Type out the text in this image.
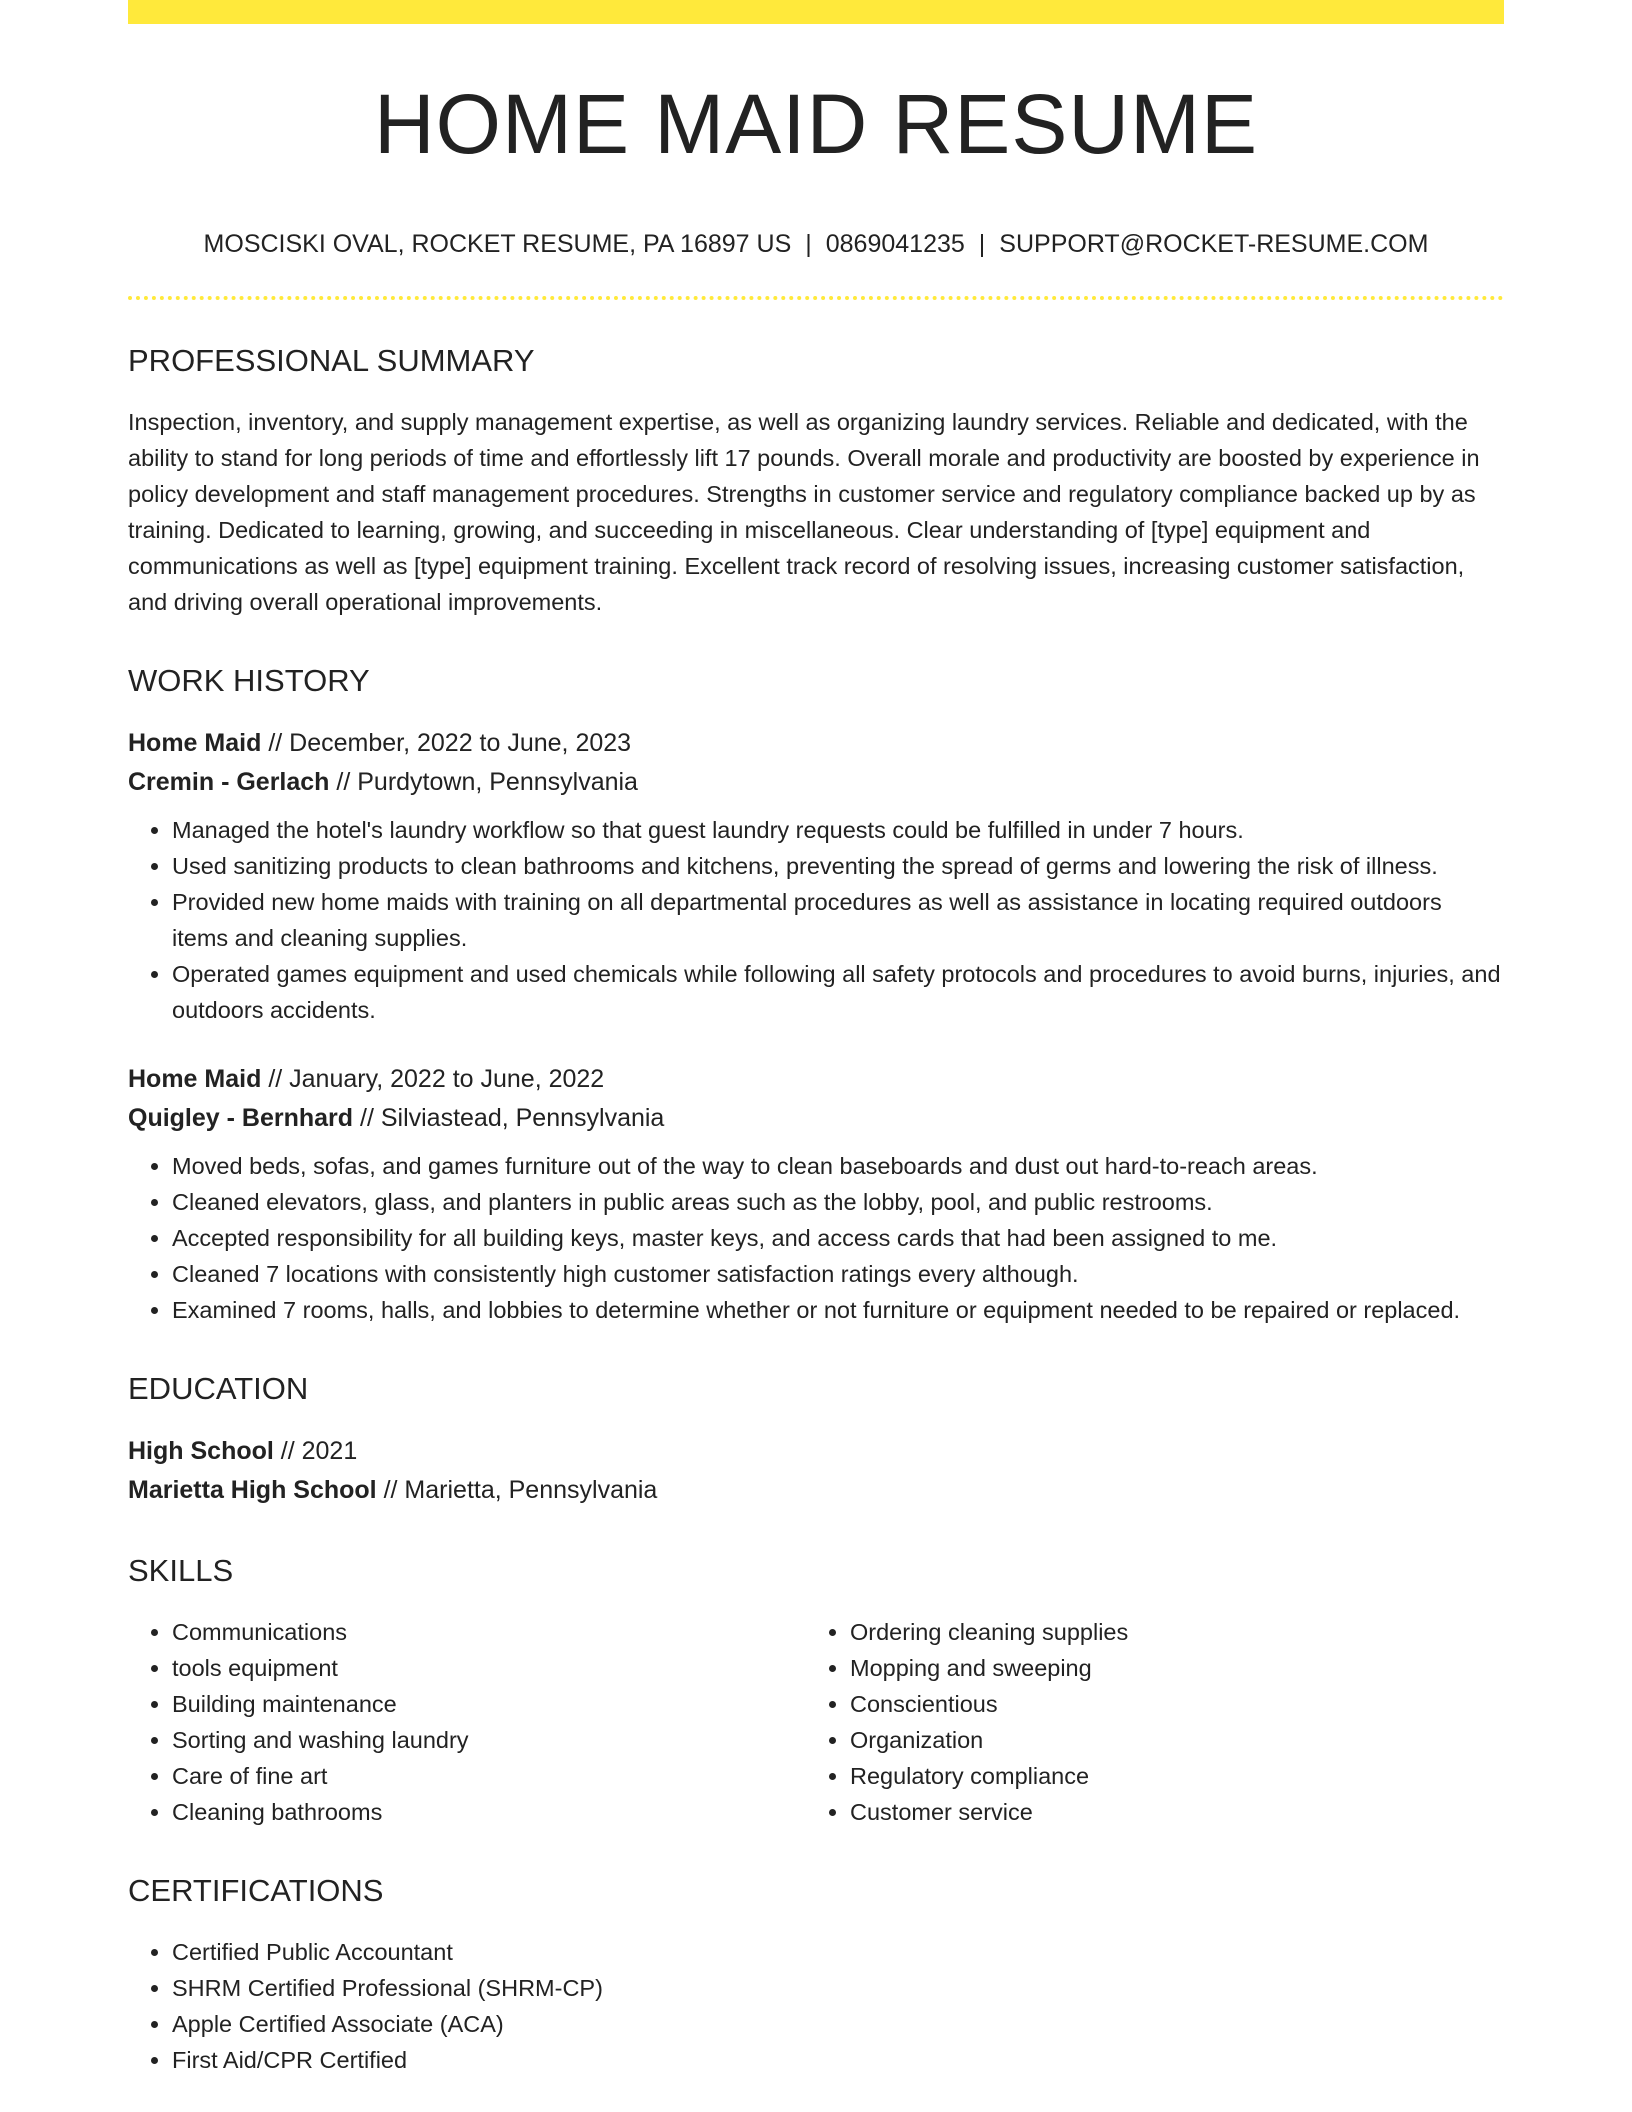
HOME MAID RESUME
MOSCISKI OVAL, ROCKET RESUME, PA 16897 US | 0869041235 | SUPPORT@ROCKET-RESUME.COM
PROFESSIONAL SUMMARY
Inspection, inventory, and supply management expertise, as well as organizing laundry services. Reliable and dedicated, with the ability to stand for long periods of time and effortlessly lift 17 pounds. Overall morale and productivity are boosted by experience in policy development and staff management procedures. Strengths in customer service and regulatory compliance backed up by as training. Dedicated to learning, growing, and succeeding in miscellaneous. Clear understanding of [type] equipment and communications as well as [type] equipment training. Excellent track record of resolving issues, increasing customer satisfaction, and driving overall operational improvements.
WORK HISTORY
Home Maid // December, 2022 to June, 2023
Cremin - Gerlach // Purdytown, Pennsylvania
• Managed the hotel's laundry workflow so that guest laundry requests could be fulfilled in under 7 hours.
• Used sanitizing products to clean bathrooms and kitchens, preventing the spread of germs and lowering the risk of illness.
• Provided new home maids with training on all departmental procedures as well as assistance in locating required outdoors items and cleaning supplies.
• Operated games equipment and used chemicals while following all safety protocols and procedures to avoid burns, injuries, and outdoors accidents.
Home Maid // January, 2022 to June, 2022
Quigley - Bernhard // Silviastead, Pennsylvania
• Moved beds, sofas, and games furniture out of the way to clean baseboards and dust out hard-to-reach areas.
• Cleaned elevators, glass, and planters in public areas such as the lobby, pool, and public restrooms.
• Accepted responsibility for all building keys, master keys, and access cards that had been assigned to me.
• Cleaned 7 locations with consistently high customer satisfaction ratings every although.
• Examined 7 rooms, halls, and lobbies to determine whether or not furniture or equipment needed to be repaired or replaced.
EDUCATION
High School // 2021
Marietta High School // Marietta, Pennsylvania
SKILLS
• Communications
• tools equipment
• Building maintenance
• Sorting and washing laundry
• Care of fine art
• Cleaning bathrooms
• Ordering cleaning supplies
• Mopping and sweeping
• Conscientious
• Organization
• Regulatory compliance
• Customer service
CERTIFICATIONS
• Certified Public Accountant
• SHRM Certified Professional (SHRM-CP)
• Apple Certified Associate (ACA)
• First Aid/CPR Certified
